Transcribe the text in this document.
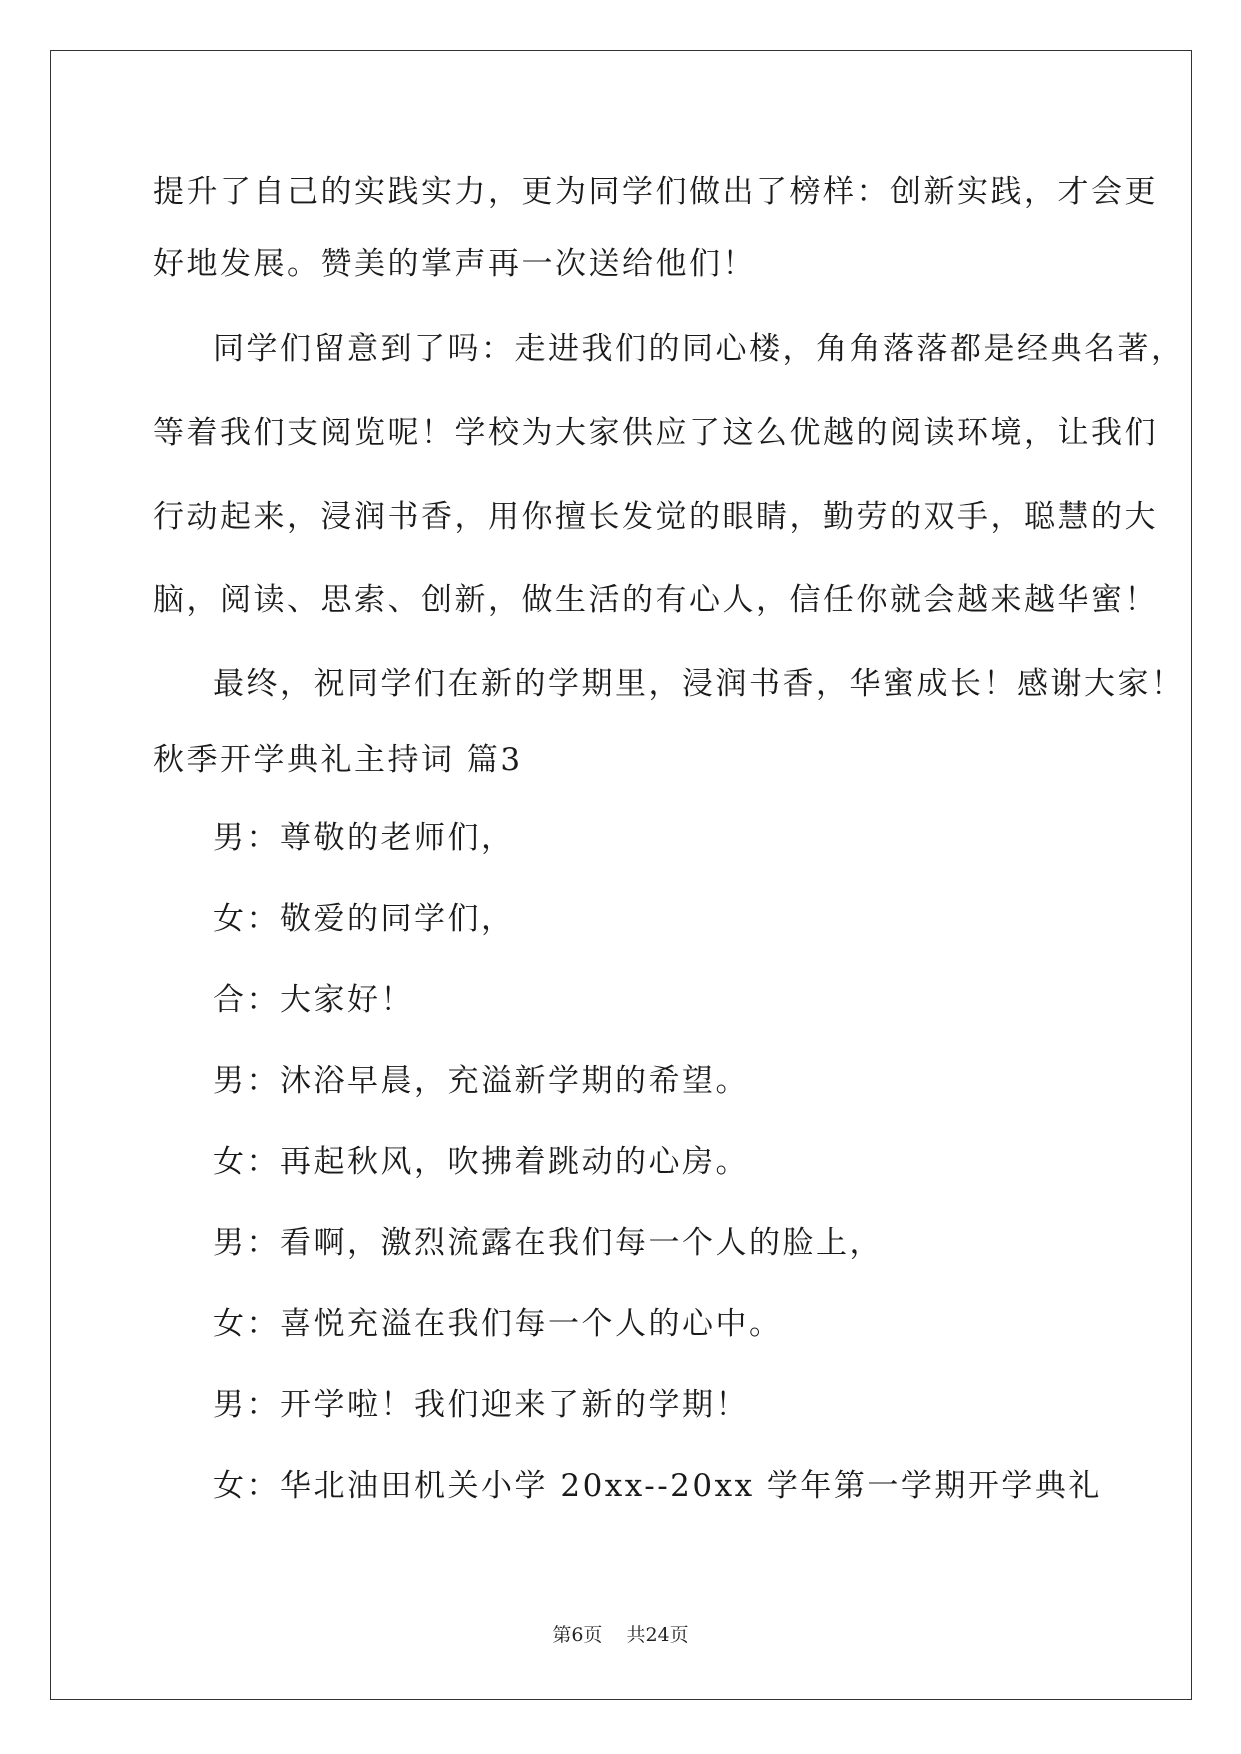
提升了自己的实践实力，更为同学们做出了榜样：创新实践，才会更
好地发展。赞美的掌声再一次送给他们！
同学们留意到了吗：走进我们的同心楼，角角落落都是经典名著，
等着我们支阅览呢！学校为大家供应了这么优越的阅读环境，让我们
行动起来，浸润书香，用你擅长发觉的眼睛，勤劳的双手，聪慧的大
脑，阅读、思索、创新，做生活的有心人，信任你就会越来越华蜜！
最终，祝同学们在新的学期里，浸润书香，华蜜成长！感谢大家！
秋季开学典礼主持词 篇3
男：尊敬的老师们，
女：敬爱的同学们，
合：大家好！
男：沐浴早晨，充溢新学期的希望。
女：再起秋风，吹拂着跳动的心房。
男：看啊，激烈流露在我们每一个人的脸上，
女：喜悦充溢在我们每一个人的心中。
男：开学啦！我们迎来了新的学期！
女：华北油田机关小学 20xx--20xx 学年第一学期开学典礼
第6页 共24页
